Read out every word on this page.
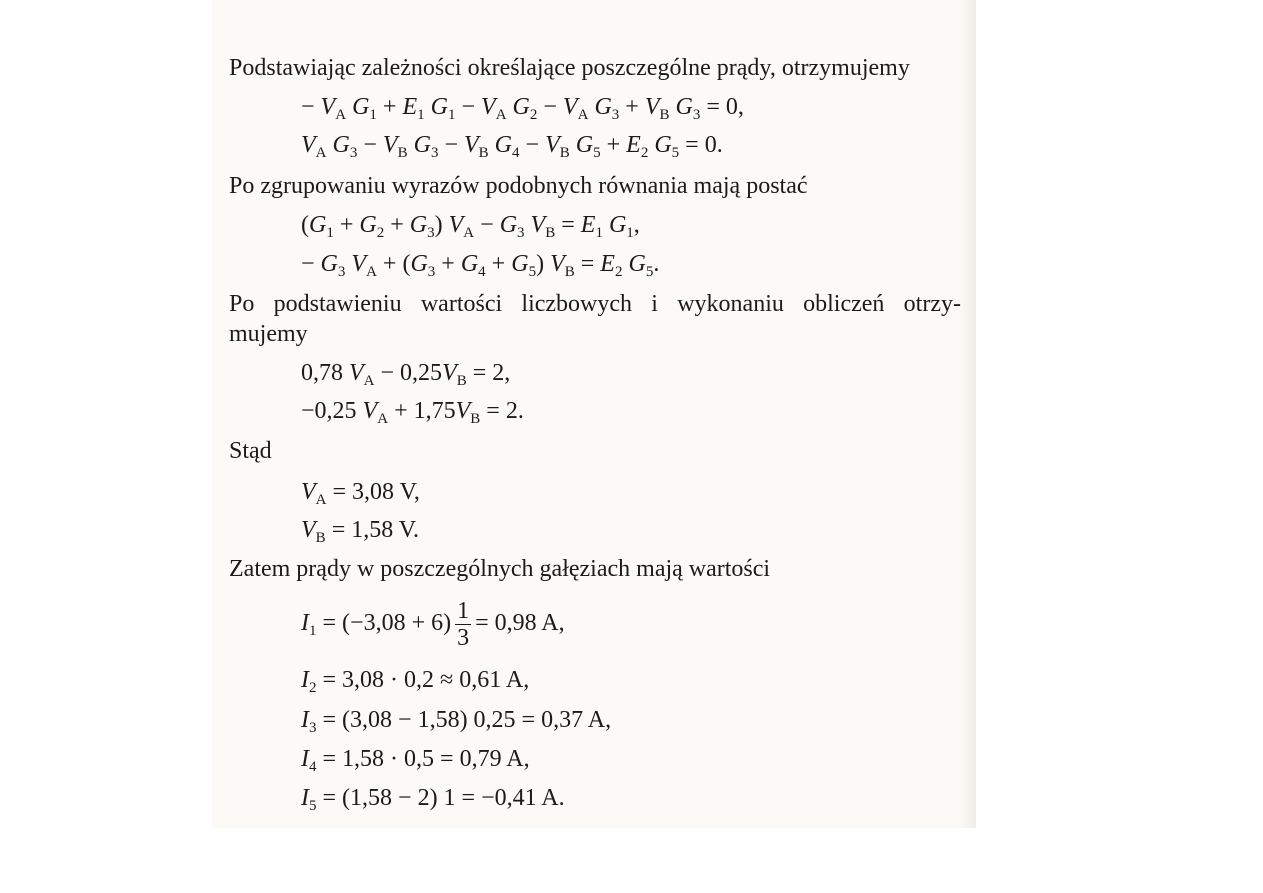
Podstawiając zależności określające poszczególne prądy, otrzymujemy
− $V_A$ $G_1 + E_1$ $G_1 - V_A$ $G_2 - V_A$ $G_3 + V_B$ $G_3 = 0$,
$V_A$ $G_3 - V_B$ $G_3 - V_B$ $G_4 - V_B$ $G_5 + E_2$ $G_5 = 0$.
Po zgrupowaniu wyrazów podobnych równania mają postać
$(G_1 + G_2 + G_3) V_A - G_3$ $V_B = E_1$ $G_1$,
− $G_3$ $V_A + (G_3 + G_4 + G_5) V_B = E_2$ $G_5$.
Po podstawieniu wartości liczbowych i wykonaniu obliczeń otrzy-
mujemy
0,78 $V_A - 0,25V_B = 2$,
−0,25 $V_A + 1,75V_B = 2$.
Stąd
$V_A = 3,08$ V,
$V_B = 1,58$ V.
Zatem prądy w poszczególnych gałęziach mają wartości
$I_1 = (-3,08 + 6) \frac{1}{3} = 0,98$ A,
$I_2 = 3,08 \cdot 0,2 \approx 0,61$ A,
$I_3 = (3,08 - 1,58) 0,25 = 0,37$ A,
$I_4 = 1,58 \cdot 0,5 = 0,79$ A,
$I_5 = (1,58 - 2) 1 = -0,41$ A.
